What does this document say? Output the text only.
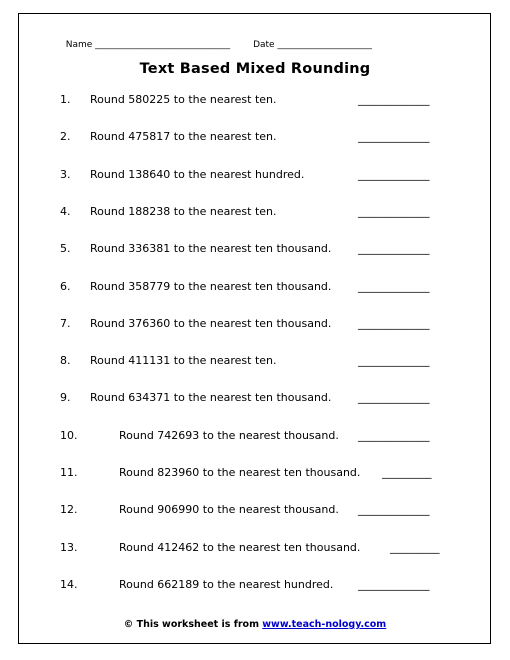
Name ______________________________	Date _____________________

Text Based Mixed Rounding
1. Round 580225 to the nearest ten.	_____________
2. Round 475817 to the nearest ten.	_____________
3. Round 138640 to the nearest hundred.	_____________
4. Round 188238 to the nearest ten.	_____________
5. Round 336381 to the nearest ten thousand. _____________
6. Round 358779 to the nearest ten thousand. _____________
7. Round 376360 to the nearest ten thousand. _____________
8. Round 411131 to the nearest ten.	_____________
9. Round 634371 to the nearest ten thousand. _____________
10.	Round 742693 to the nearest thousand. _____________
11.	Round 823960 to the nearest ten thousand. _________
12.	Round 906990 to the nearest thousand. _____________
13.	Round 412462 to the nearest ten thousand.	_________
14.	Round 662189 to the nearest hundred. _____________
© This worksheet is from www.teach-nology.com
